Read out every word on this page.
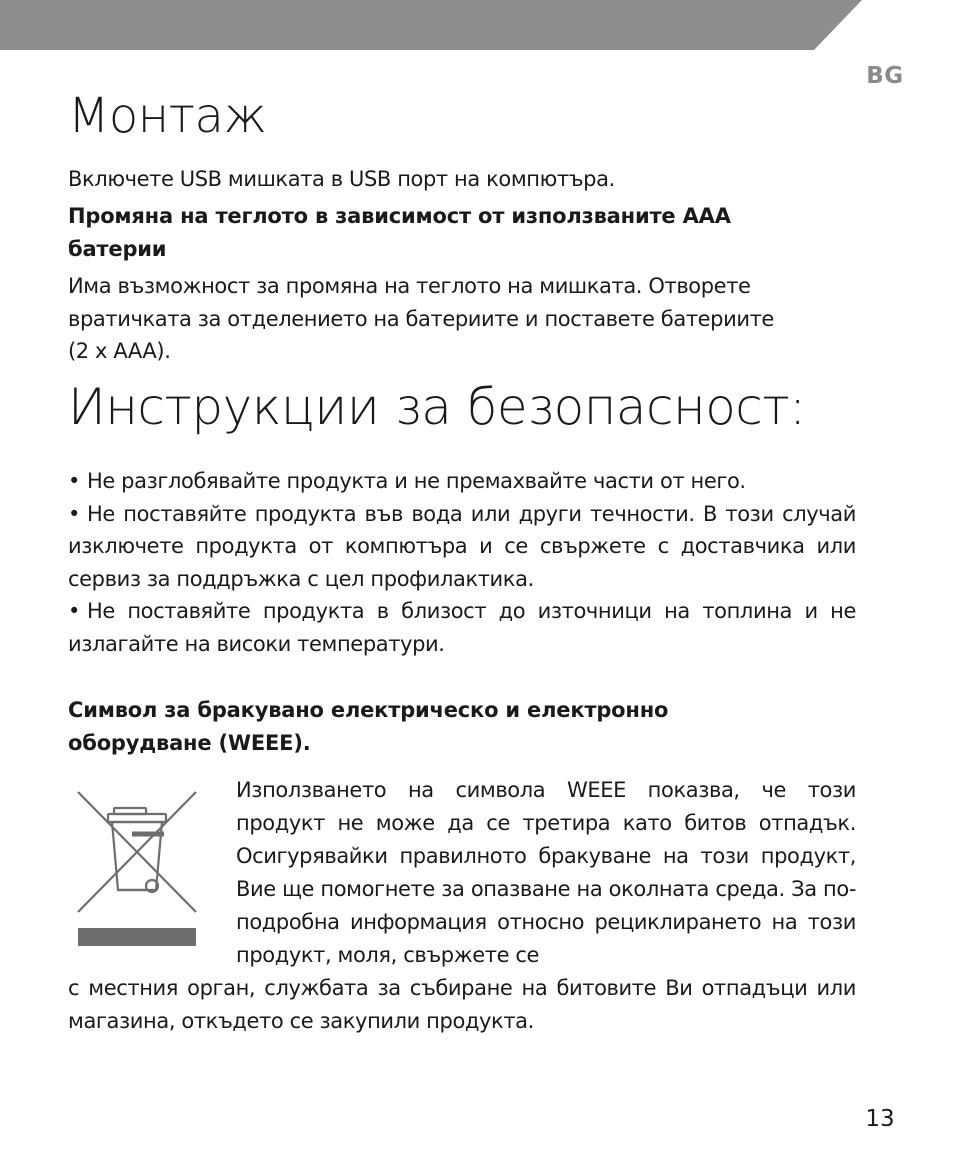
BG
Монтаж

Включете USB мишката в USB порт на компютъра.

Промяна на теглото в зависимост от използваните AAA
батерии

Има възможност за промяна на теглото на мишката. Отворете
вратичката за отделението на батериите и поставете батериите
(2 x AAA).

Инструкции за безопасност:
• Не разглобявайте продукта и не премахвайте части от него.
• Не поставяйте продукта във вода или други течности. В този случай изключете продукта от компютъра и се свържете с доставчика или сервиз за поддръжка с цел профилактика.
• Не поставяйте продукта в близост до източници на топлина и не излагайте на високи температури.

Символ за бракувано електрическо и електронно
оборудване (WEEE).

Използването на символа WEEE показва, че този продукт не може да се третира като битов отпадък. Осигурявайки правилното бракуване на този продукт, Вие ще помогнете за опазване на околната среда. За по-подробна информация относно рециклирането на този продукт, моля, свържете се

с местния орган, службата за събиране на битовите Ви отпадъци или магазина, откъдето се закупили продукта.

13
